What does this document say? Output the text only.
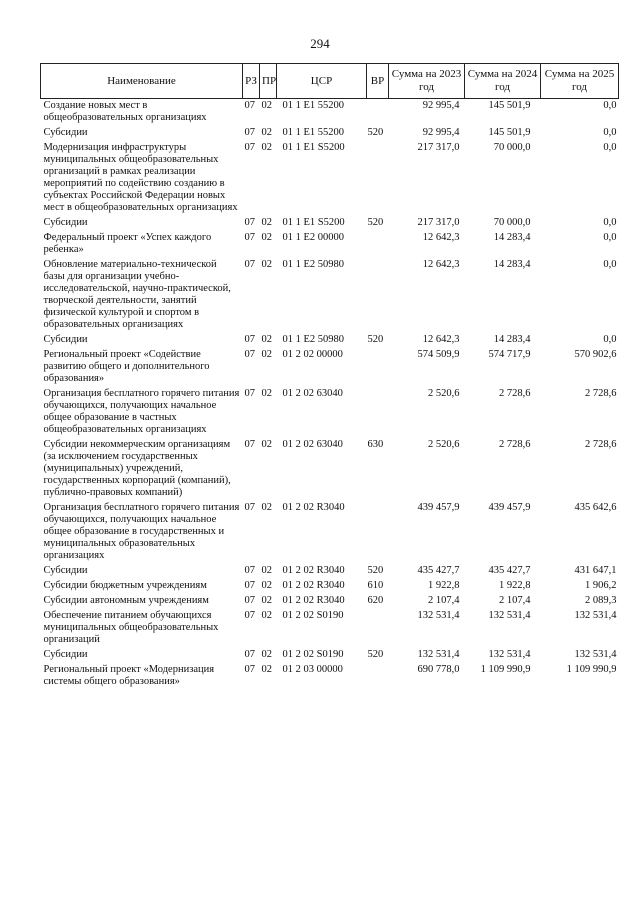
294
Наименование	РЗ	ПР	ЦСР	ВР	Сумма на 2023 год	Сумма на 2024 год	Сумма на 2025 год
Создание новых мест в общеобразовательных организациях	07	02	01 1 E1 55200		92 995,4	145 501,9	0,0
Субсидии	07	02	01 1 E1 55200	520	92 995,4	145 501,9	0,0
Модернизация инфраструктуры муниципальных общеобразовательных организаций в рамках реализации мероприятий по содействию созданию в субъектах Российской Федерации новых мест в общеобразовательных организациях	07	02	01 1 E1 S5200		217 317,0	70 000,0	0,0
Субсидии	07	02	01 1 E1 S5200	520	217 317,0	70 000,0	0,0
Федеральный проект «Успех каждого ребенка»	07	02	01 1 E2 00000		12 642,3	14 283,4	0,0
Обновление материально-технической базы для организации учебно-исследовательской, научно-практической, творческой деятельности, занятий физической культурой и спортом в образовательных организациях	07	02	01 1 E2 50980		12 642,3	14 283,4	0,0
Субсидии	07	02	01 1 E2 50980	520	12 642,3	14 283,4	0,0
Региональный проект «Содействие развитию общего и дополнительного образования»	07	02	01 2 02 00000		574 509,9	574 717,9	570 902,6
Организация бесплатного горячего питания обучающихся, получающих начальное общее образование в частных общеобразовательных организациях	07	02	01 2 02 63040		2 520,6	2 728,6	2 728,6
Субсидии некоммерческим организациям (за исключением государственных (муниципальных) учреждений, государственных корпораций (компаний), публично-правовых компаний)	07	02	01 2 02 63040	630	2 520,6	2 728,6	2 728,6
Организация бесплатного горячего питания обучающихся, получающих начальное общее образование в государственных и муниципальных образовательных организациях	07	02	01 2 02 R3040		439 457,9	439 457,9	435 642,6
Субсидии	07	02	01 2 02 R3040	520	435 427,7	435 427,7	431 647,1
Субсидии бюджетным учреждениям	07	02	01 2 02 R3040	610	1 922,8	1 922,8	1 906,2
Субсидии автономным учреждениям	07	02	01 2 02 R3040	620	2 107,4	2 107,4	2 089,3
Обеспечение питанием обучающихся муниципальных общеобразовательных организаций	07	02	01 2 02 S0190		132 531,4	132 531,4	132 531,4
Субсидии	07	02	01 2 02 S0190	520	132 531,4	132 531,4	132 531,4
Региональный проект «Модернизация системы общего образования»	07	02	01 2 03 00000		690 778,0	1 109 990,9	1 109 990,9
